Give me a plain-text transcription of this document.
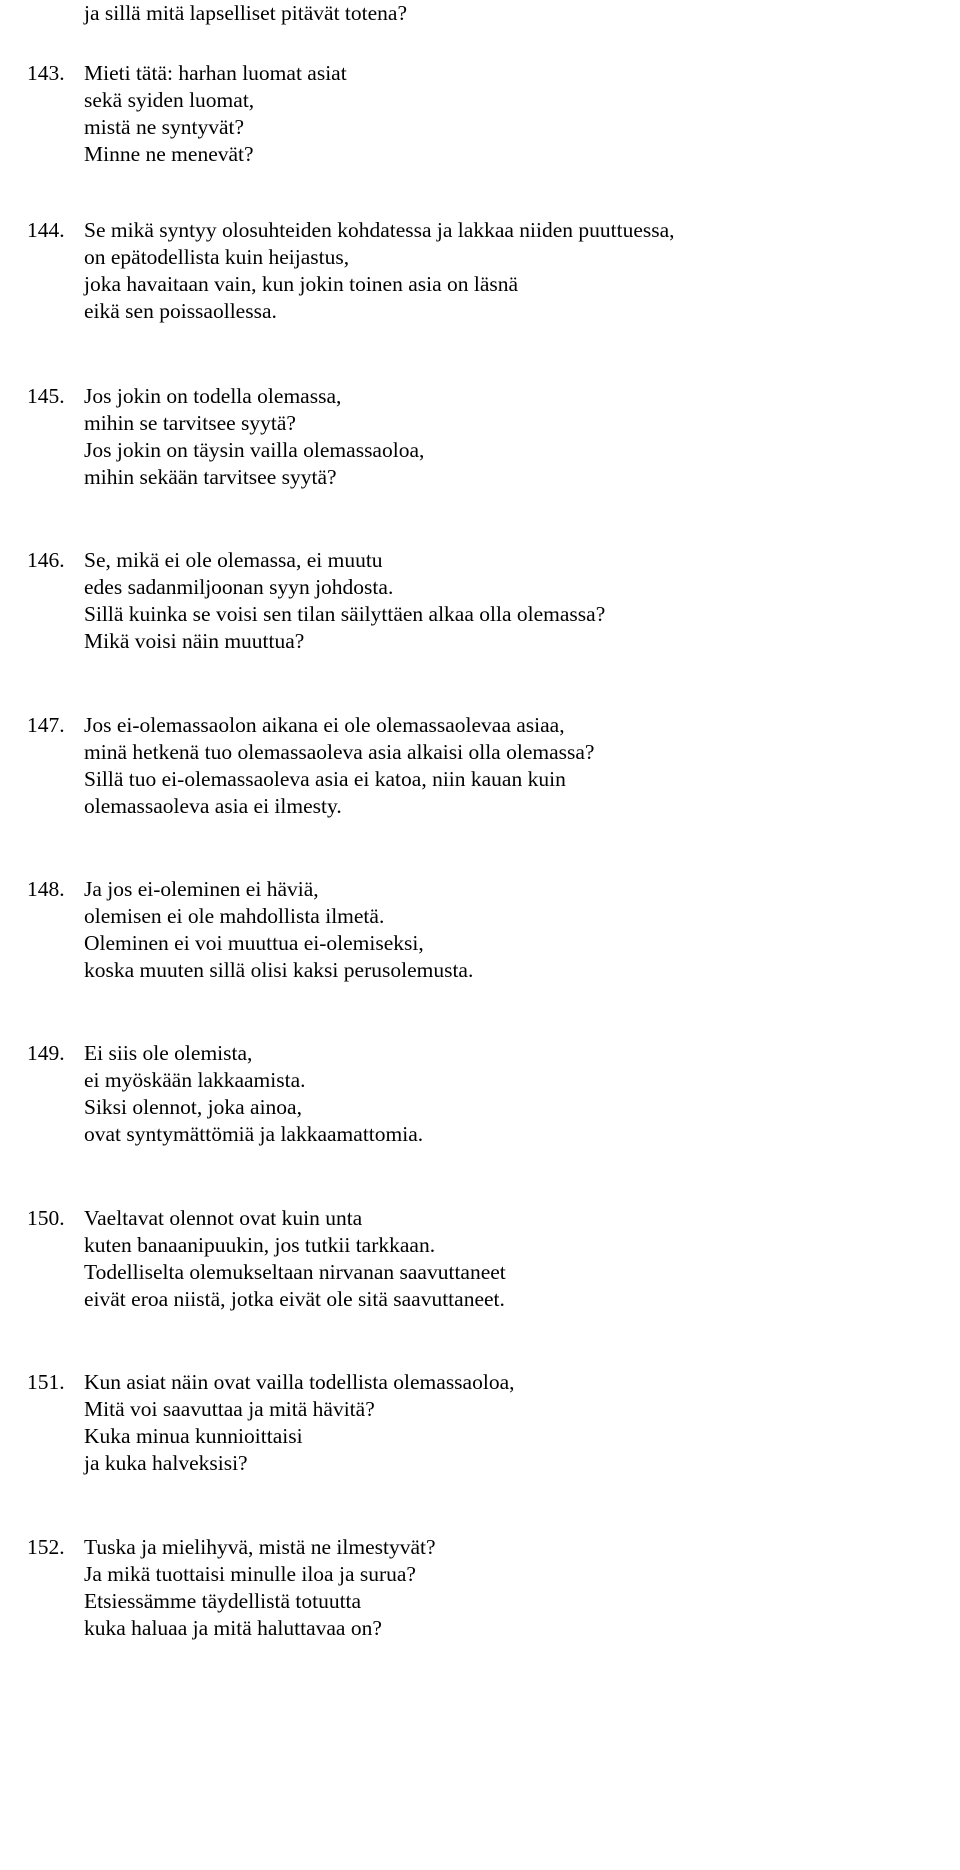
ja sillä mitä lapselliset pitävät totena?
143. Mieti tätä: harhan luomat asiat
sekä syiden luomat,
mistä ne syntyvät?
Minne ne menevät?
144. Se mikä syntyy olosuhteiden kohdatessa ja lakkaa niiden puuttuessa,
on epätodellista kuin heijastus,
joka havaitaan vain, kun jokin toinen asia on läsnä
eikä sen poissaollessa.
145. Jos jokin on todella olemassa,
mihin se tarvitsee syytä?
Jos jokin on täysin vailla olemassaoloa,
mihin sekään tarvitsee syytä?
146. Se, mikä ei ole olemassa, ei muutu
edes sadanmiljoonan syyn johdosta.
Sillä kuinka se voisi sen tilan säilyttäen alkaa olla olemassa?
Mikä voisi näin muuttua?
147. Jos ei-olemassaolon aikana ei ole olemassaolevaa asiaa,
minä hetkenä tuo olemassaoleva asia alkaisi olla olemassa?
Sillä tuo ei-olemassaoleva asia ei katoa, niin kauan kuin
olemassaoleva asia ei ilmesty.
148. Ja jos ei-oleminen ei häviä,
olemisen ei ole mahdollista ilmetä.
Oleminen ei voi muuttua ei-olemiseksi,
koska muuten sillä olisi kaksi perusolemusta.
149. Ei siis ole olemista,
ei myöskään lakkaamista.
Siksi olennot, joka ainoa,
ovat syntymättömiä ja lakkaamattomia.
150. Vaeltavat olennot ovat kuin unta
kuten banaanipuukin, jos tutkii tarkkaan.
Todelliselta olemukseltaan nirvanan saavuttaneet
eivät eroa niistä, jotka eivät ole sitä saavuttaneet.
151. Kun asiat näin ovat vailla todellista olemassaoloa,
Mitä voi saavuttaa ja mitä hävitä?
Kuka minua kunnioittaisi
ja kuka halveksisi?
152. Tuska ja mielihyvä, mistä ne ilmestyvät?
Ja mikä tuottaisi minulle iloa ja surua?
Etsiessämme täydellistä totuutta
kuka haluaa ja mitä haluttavaa on?
